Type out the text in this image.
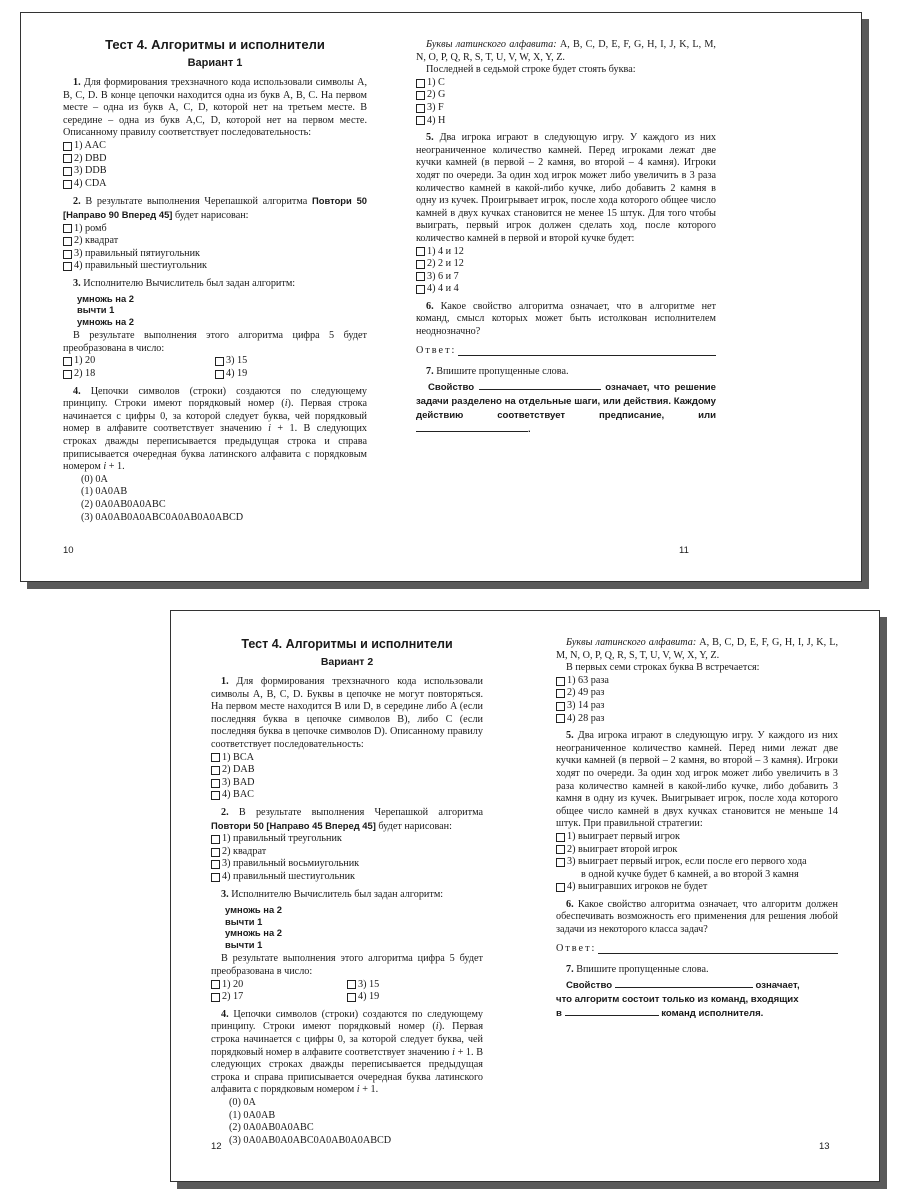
Тест 4. Алгоритмы и исполнители
Вариант 1

1. Для формирования трехзначного кода использовали символы A, B, C, D. В конце цепочки находится одна из букв A, B, C. На первом месте – одна из букв A, C, D, которой нет на третьем месте. В середине – одна из букв A,C, D, которой нет на первом месте. Описанному правилу соответствует последовательность:

1) AAC
2) DBD
3) DDB
4) CDA

2. В результате выполнения Черепашкой алгоритма Повтори 50 [Направо 90 Вперед 45] будет нарисован:

1) ромб
2) квадрат
3) правильный пятиугольник
4) правильный шестиугольник

3. Исполнителю Вычислитель был задан алгоритм:

умножь на 2
вычти 1
умножь на 2

В результате выполнения этого алгоритма цифра 5 будет преобразована в число:

1) 20	3) 15
2) 18	4) 19

4. Цепочки символов (строки) создаются по следующему принципу. Строки имеют порядковый номер (i). Первая строка начинается с цифры 0, за которой следует буква, чей порядковый номер в алфавите соответствует значению i + 1. В следующих строках дважды переписывается предыдущая строка и справа приписывается очередная буква латинского алфавита с порядковым номером i + 1.

(0) 0A
(1) 0A0AB
(2) 0A0AB0A0ABC
(3) 0A0AB0A0ABC0A0AB0A0ABCD
10

Буквы латинского алфавита: A, B, C, D, E, F, G, H, I, J, K, L, M, N, O, P, Q, R, S, T, U, V, W, X, Y, Z.

Последней в седьмой строке будет стоять буква:

1) C
2) G
3) F
4) H

5. Два игрока играют в следующую игру. У каждого из них неограниченное количество камней. Перед игроками лежат две кучки камней (в первой – 2 камня, во второй – 4 камня). Игроки ходят по очереди. За один ход игрок может либо увеличить в 3 раза количество камней в какой-либо кучке, либо добавить 2 камня в одну из кучек. Проигрывает игрок, после хода которого общее число камней в двух кучках становится не менее 15 штук. Для того чтобы выиграть, первый игрок должен сделать ход, после которого количество камней в первой и второй кучке будет:

1) 4 и 12
2) 2 и 12
3) 6 и 7
4) 4 и 4

6. Какое свойство алгоритма означает, что в алгоритме нет команд, смысл которых может быть истолкован исполнителем неоднозначно?

Ответ:

7. Впишите пропущенные слова.

Свойство	означает, что решение задачи разделено на отдельные шаги, или действия. Каждому действию соответствует предписание, или .
11
Тест 4. Алгоритмы и исполнители
Вариант 2

1. Для формирования трехзначного кода использовали символы A, B, C, D. Буквы в цепочке не могут повторяться. На первом месте находится B или D, в середине либо A (если последняя буква в цепочке символов B), либо C (если последняя буква в цепочке символов D). Описанному правилу соответствует последовательность:

1) BCA
2) DAB
3) BAD
4) BAC

2. В результате выполнения Черепашкой алгоритма Повтори 50 [Направо 45 Вперед 45] будет нарисован:

1) правильный треугольник
2) квадрат
3) правильный восьмиугольник
4) правильный шестиугольник

3. Исполнителю Вычислитель был задан алгоритм:

умножь на 2
вычти 1
умножь на 2
вычти 1

В результате выполнения этого алгоритма цифра 5 будет преобразована в число:

1) 20	3) 15
2) 17	4) 19

4. Цепочки символов (строки) создаются по следующему принципу. Строки имеют порядковый номер (i). Первая строка начинается с цифры 0, за которой следует буква, чей порядковый номер в алфавите соответствует значению i + 1. В следующих строках дважды переписывается предыдущая строка и справа приписывается очередная буква латинского алфавита с порядковым номером i + 1.

(0) 0A
(1) 0A0AB
(2) 0A0AB0A0ABC
(3) 0A0AB0A0ABC0A0AB0A0ABCD
12

Буквы латинского алфавита: A, B, C, D, E, F, G, H, I, J, K, L, M, N, O, P, Q, R, S, T, U, V, W, X, Y, Z.

В первых семи строках буква B встречается:

1) 63 раза
2) 49 раз
3) 14 раз
4) 28 раз

5. Два игрока играют в следующую игру. У каждого из них неограниченное количество камней. Перед ними лежат две кучки камней (в первой – 2 камня, во второй – 3 камня). Игроки ходят по очереди. За один ход игрок может либо увеличить в 3 раза количество камней в какой-либо кучке, либо добавить 3 камня в одну из кучек. Выигрывает игрок, после хода которого общее число камней в двух кучках становится не меньше 14 штук. При правильной стратегии:

1) выиграет первый игрок
2) выиграет второй игрок
3) выиграет первый игрок, если после его первого хода
в одной кучке будет 6 камней, а во второй 3 камня
4) выигравших игроков не будет

6. Какое свойство алгоритма означает, что алгоритм должен обеспечивать возможность его применения для решения любой задачи из некоторого класса задач?

Ответ:

7. Впишите пропущенные слова.

Свойство	означает,
что алгоритм состоит только из команд, входящих
в	команд исполнителя.
13
